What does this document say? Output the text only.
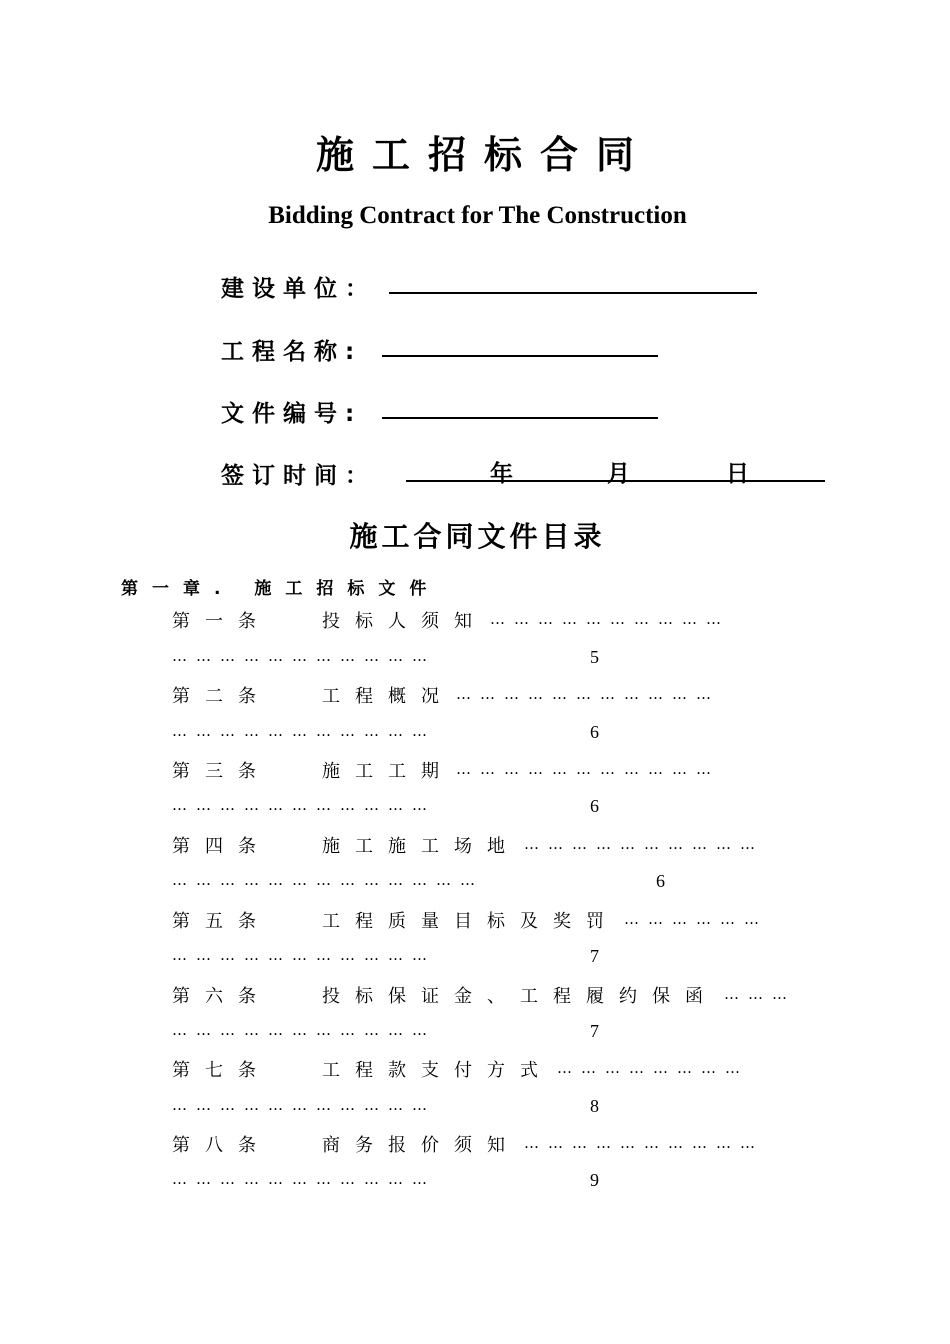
施工招标合同
Bidding Contract for The Construction
建设单位：
工程名称:
文件编号:
签订时间：	年	月	日
施工合同文件目录
第一章. 施工招标文件
第一条	投标人须知 …………………………
……………………………	5
第二条	工程概况 ……………………………
……………………………	6
第三条	施工工期 ……………………………
……………………………	6
第四条	施工施工场地 …………………………
…………………………………	6
第五条	工程质量目标及奖罚 ………………
……………………………	7
第六条	投标保证金、工程履约保函 ………
……………………………	7
第七条	工程款支付方式 ……………………
……………………………	8
第八条	商务报价须知 …………………………
……………………………	9
